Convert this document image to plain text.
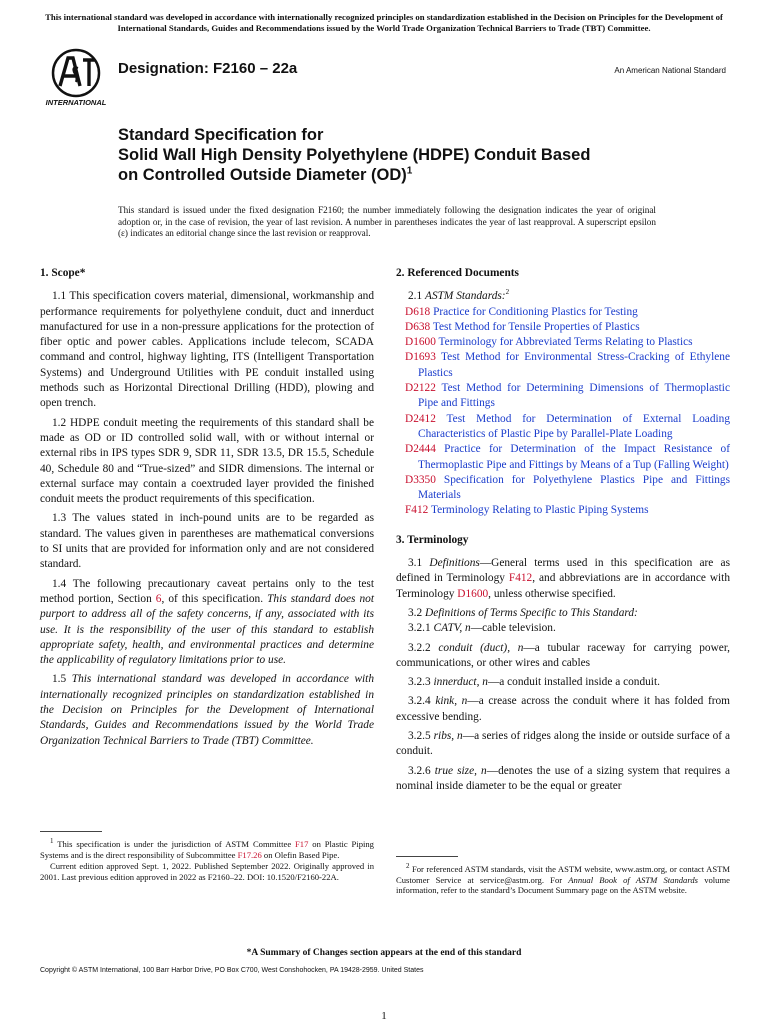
This international standard was developed in accordance with internationally recognized principles on standardization established in the Decision on Principles for the Development of International Standards, Guides and Recommendations issued by the World Trade Organization Technical Barriers to Trade (TBT) Committee.
INTERNATIONAL
Designation: F2160 – 22a	An American National Standard
Standard Specification for
Solid Wall High Density Polyethylene (HDPE) Conduit Based
on Controlled Outside Diameter (OD)$^1$
This standard is issued under the fixed designation F2160; the number immediately following the designation indicates the year of original adoption or, in the case of revision, the year of last revision. A number in parentheses indicates the year of last reapproval. A superscript epsilon (ε) indicates an editorial change since the last revision or reapproval.

1. Scope*

1.1 This specification covers material, dimensional, workmanship and performance requirements for polyethylene conduit, duct and innerduct manufactured for use in a non-pressure applications for the protection of fiber optic and power cables. Applications include telecom, SCADA command and control, highway lighting, ITS (Intelligent Transportation Systems) and Underground Utilities with PE conduit installed using methods such as Horizontal Directional Drilling (HDD), plowing and open trench.

1.2 HDPE conduit meeting the requirements of this standard shall be made as OD or ID controlled solid wall, with or without internal or external ribs in IPS types SDR 9, SDR 11, SDR 13.5, DR 15.5, Schedule 40, Schedule 80 and “True-sized” and SIDR dimensions. The internal or external surface may contain a coextruded layer provided the finished conduit meets the product requirements of this specification.

1.3 The values stated in inch-pound units are to be regarded as standard. The values given in parentheses are mathematical conversions to SI units that are provided for information only and are not considered standard.

1.4 The following precautionary caveat pertains only to the test method portion, Section 6, of this specification. This standard does not purport to address all of the safety concerns, if any, associated with its use. It is the responsibility of the user of this standard to establish appropriate safety, health, and environmental practices and determine the applicability of regulatory limitations prior to use.

1.5 This international standard was developed in accordance with internationally recognized principles on standardization established in the Decision on Principles for the Development of International Standards, Guides and Recommendations issued by the World Trade Organization Technical Barriers to Trade (TBT) Committee.

2. Referenced Documents

2.1 ASTM Standards:$^2$

D618 Practice for Conditioning Plastics for Testing

D638 Test Method for Tensile Properties of Plastics

D1600 Terminology for Abbreviated Terms Relating to Plastics

D1693 Test Method for Environmental Stress-Cracking of Ethylene Plastics

D2122 Test Method for Determining Dimensions of Thermoplastic Pipe and Fittings

D2412 Test Method for Determination of External Loading Characteristics of Plastic Pipe by Parallel-Plate Loading

D2444 Practice for Determination of the Impact Resistance of Thermoplastic Pipe and Fittings by Means of a Tup (Falling Weight)

D3350 Specification for Polyethylene Plastics Pipe and Fittings Materials

F412 Terminology Relating to Plastic Piping Systems

3. Terminology

3.1 Definitions—General terms used in this specification are as defined in Terminology F412, and abbreviations are in accordance with Terminology D1600, unless otherwise specified.

3.2 Definitions of Terms Specific to This Standard:

3.2.1 CATV, n—cable television.

3.2.2 conduit (duct), n—a tubular raceway for carrying power, communications, or other wires and cables

3.2.3 innerduct, n—a conduit installed inside a conduit.

3.2.4 kink, n—a crease across the conduit where it has folded from excessive bending.

3.2.5 ribs, n—a series of ridges along the inside or outside surface of a conduit.

3.2.6 true size, n—denotes the use of a sizing system that requires a nominal inside diameter to be the equal or greater

$^1$ This specification is under the jurisdiction of ASTM Committee F17 on Plastic Piping Systems and is the direct responsibility of Subcommittee F17.26 on Olefin Based Pipe.

Current edition approved Sept. 1, 2022. Published September 2022. Originally approved in 2001. Last previous edition approved in 2022 as F2160–22. DOI: 10.1520/F2160-22A.

$^2$ For referenced ASTM standards, visit the ASTM website, www.astm.org, or contact ASTM Customer Service at service@astm.org. For Annual Book of ASTM Standards volume information, refer to the standard’s Document Summary page on the ASTM website.

*A Summary of Changes section appears at the end of this standard
Copyright © ASTM International, 100 Barr Harbor Drive, PO Box C700, West Conshohocken, PA 19428-2959. United States
1
